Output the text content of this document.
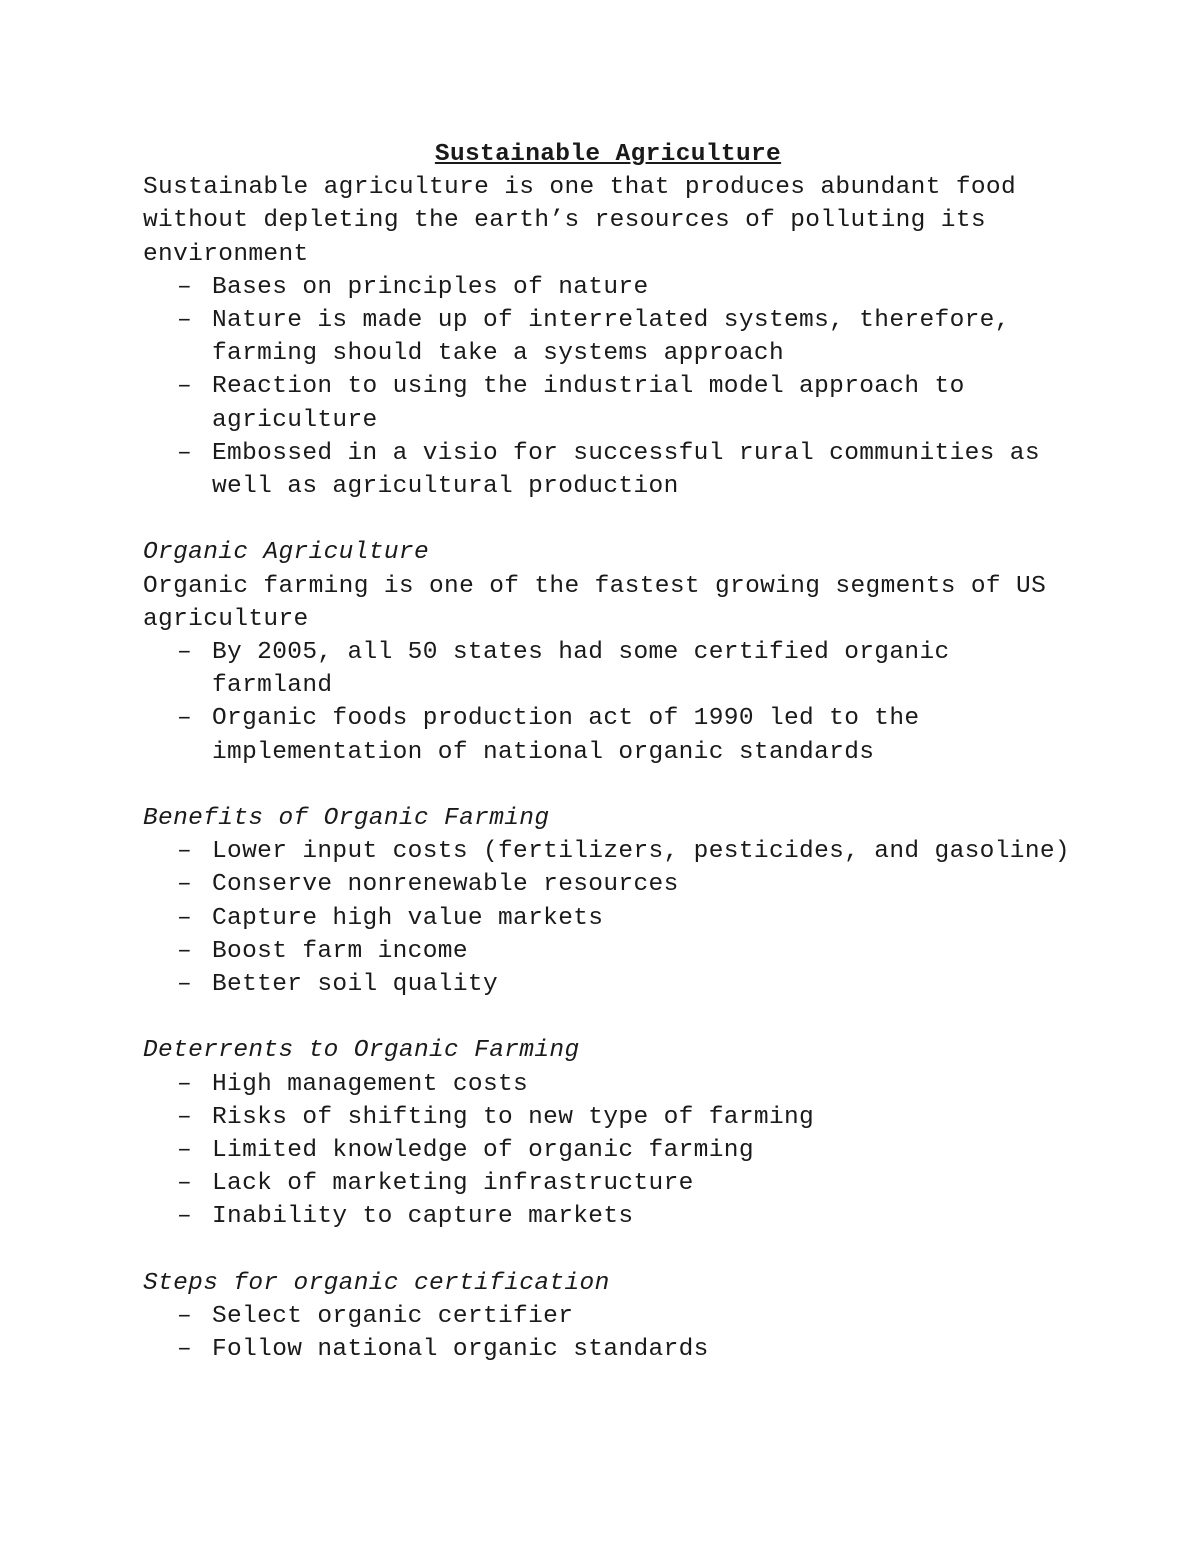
Sustainable Agriculture

Sustainable agriculture is one that produces abundant food without depleting the earth’s resources of polluting its environment

– Bases on principles of nature
– Nature is made up of interrelated systems, therefore, farming should take a systems approach
– Reaction to using the industrial model approach to agriculture
– Embossed in a visio for successful rural communities as well as agricultural production

Organic Agriculture

Organic farming is one of the fastest growing segments of US agriculture

– By 2005, all 50 states had some certified organic farmland
– Organic foods production act of 1990 led to the implementation of national organic standards

Benefits of Organic Farming

– Lower input costs (fertilizers, pesticides, and gasoline)
– Conserve nonrenewable resources
– Capture high value markets
– Boost farm income
– Better soil quality

Deterrents to Organic Farming

– High management costs
– Risks of shifting to new type of farming
– Limited knowledge of organic farming
– Lack of marketing infrastructure
– Inability to capture markets

Steps for organic certification

– Select organic certifier
– Follow national organic standards
